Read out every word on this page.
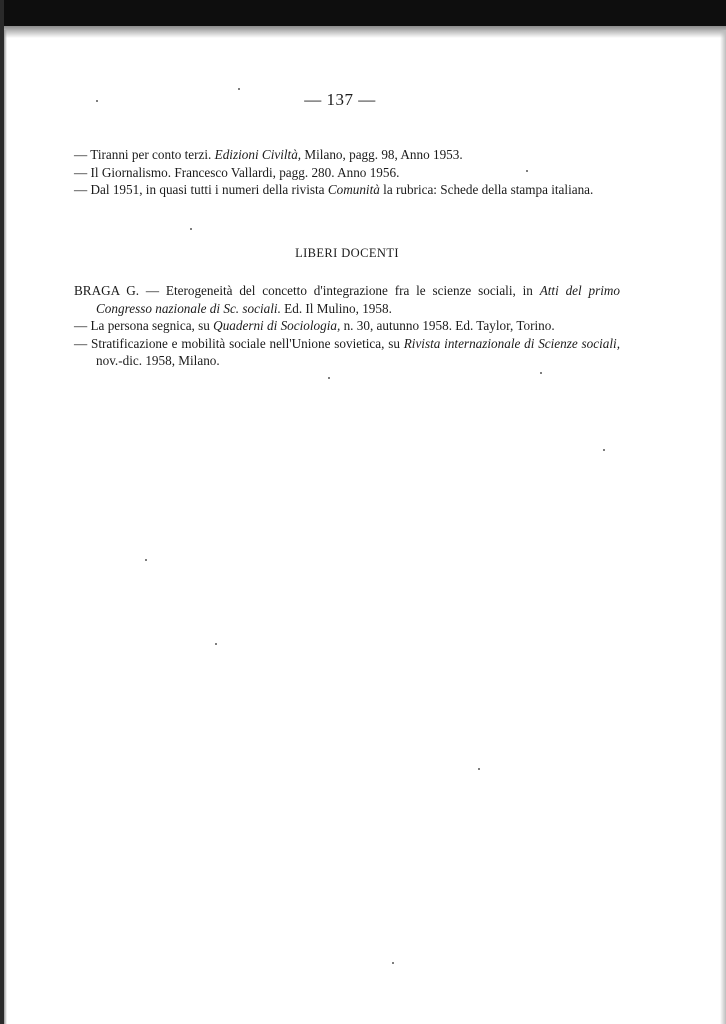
— 137 —

— Tiranni per conto terzi. Edizioni Civiltà, Milano, pagg. 98, Anno 1953.

— Il Giornalismo. Francesco Vallardi, pagg. 280. Anno 1956.

— Dal 1951, in quasi tutti i numeri della rivista Comunità la rubrica: Schede della stampa italiana.

LIBERI DOCENTI

BRAGA G. — Eterogeneità del concetto d'integrazione fra le scienze sociali, in Atti del primo Congresso nazionale di Sc. sociali. Ed. Il Mulino, 1958.

— La persona segnica, su Quaderni di Sociologia, n. 30, autunno 1958. Ed. Taylor, Torino.

— Stratificazione e mobilità sociale nell'Unione sovietica, su Rivista internazionale di Scienze sociali, nov.-dic. 1958, Milano.
